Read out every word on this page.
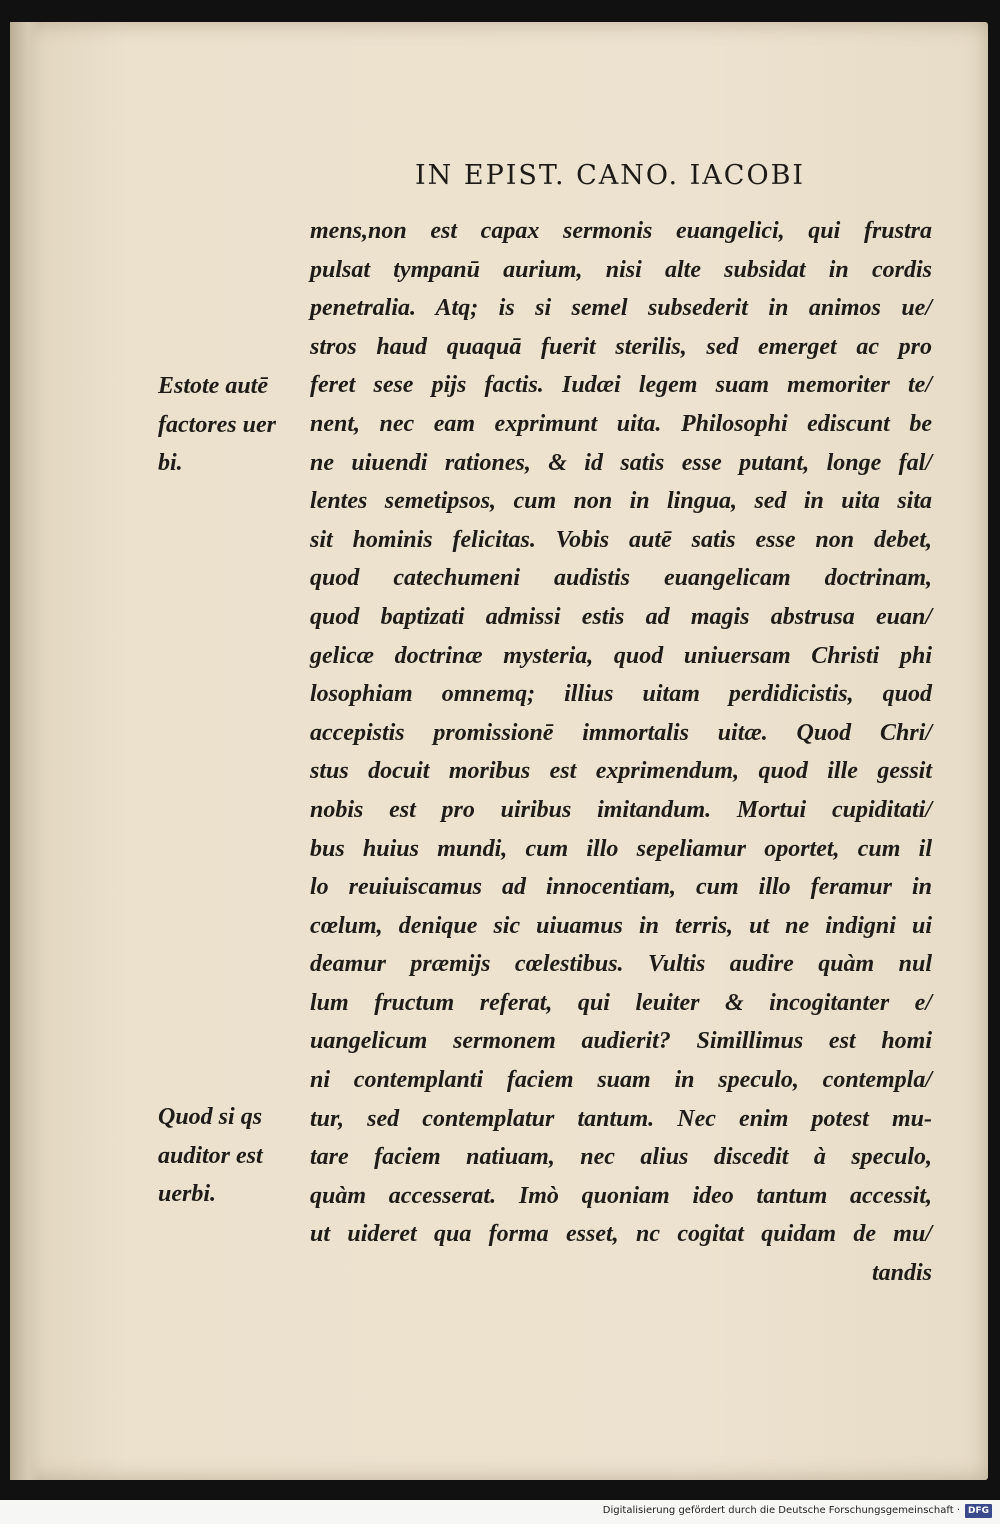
IN EPIST. CANO. IACOBI
mens,non est capax sermonis euangelici, qui frustra
pulsat tympanū aurium, nisi alte subsidat in cordis
penetralia. Atq; is si semel subsederit in animos ue/
stros haud quaquā fuerit sterilis, sed emerget ac pro
feret sese pijs factis. Iudæi legem suam memoriter te/
nent, nec eam exprimunt uita. Philosophi ediscunt be
ne uiuendi rationes, & id satis esse putant, longe fal/
lentes semetipsos, cum non in lingua, sed in uita sita
sit hominis felicitas. Vobis autē satis esse non debet,
quod catechumeni audistis euangelicam doctrinam,
quod baptizati admissi estis ad magis abstrusa euan/
gelicæ doctrinæ mysteria, quod uniuersam Christi phi
losophiam omnemq; illius uitam perdidicistis, quod
accepistis promissionē immortalis uitæ. Quod Chri/
stus docuit moribus est exprimendum, quod ille gessit
nobis est pro uiribus imitandum. Mortui cupiditati/
bus huius mundi, cum illo sepeliamur oportet, cum il
lo reuiuiscamus ad innocentiam, cum illo feramur in
cœlum, denique sic uiuamus in terris, ut ne indigni ui
deamur præmijs cœlestibus. Vultis audire quàm nul
lum fructum referat, qui leuiter & incogitanter e/
uangelicum sermonem audierit? Simillimus est homi
ni contemplanti faciem suam in speculo, contempla/
tur, sed contemplatur tantum. Nec enim potest mu-
tare faciem natiuam, nec alius discedit à speculo,
quàm accesserat. Imò quoniam ideo tantum accessit,
ut uideret qua forma esset, nc cogitat quidam de mu/
tandis
Estote autē
factores uer
bi.
Quod si qs
auditor est
uerbi.
Digitalisierung gefördert durch die Deutsche Forschungsgemeinschaft · DFG
